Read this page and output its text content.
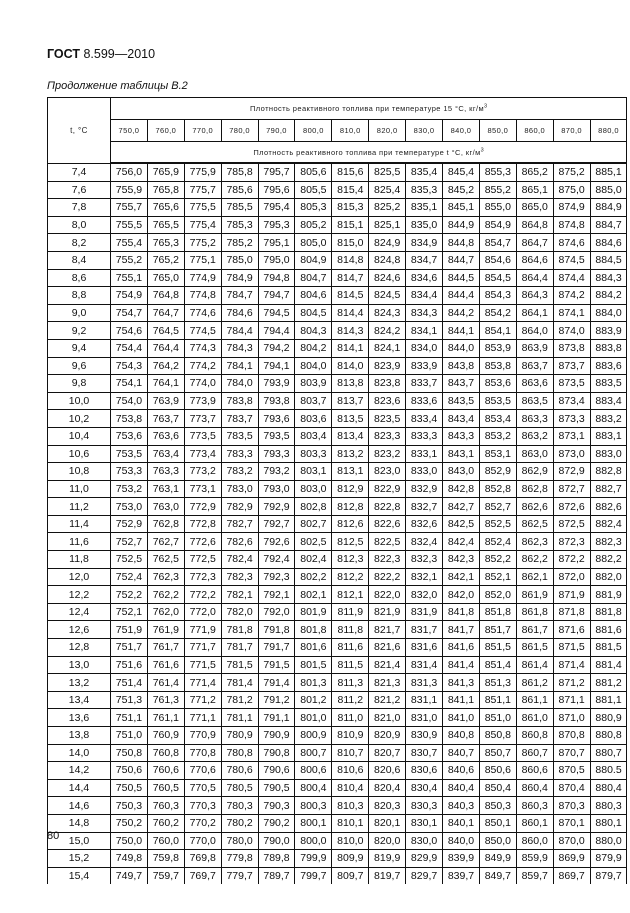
ГОСТ 8.599—2010
Продолжение таблицы В.2
t, °C	Плотность реактивного топлива при температуре 15 °С, $кг/м^3$
	750,0	760,0	770,0	780,0	790,0	800,0	810,0	820,0	830,0	840,0	850,0	860,0	870,0	880,0
	Плотность реактивного топлива при температуре t °С, $кг/м^3$
7,4	756,0	765,9	775,9	785,8	795,7	805,6	815,6	825,5	835,4	845,4	855,3	865,2	875,2	885,1
7,6	755,9	765,8	775,7	785,6	795,6	805,5	815,4	825,4	835,3	845,2	855,2	865,1	875,0	885,0
7,8	755,7	765,6	775,5	785,5	795,4	805,3	815,3	825,2	835,1	845,1	855,0	865,0	874,9	884,9
8,0	755,5	765,5	775,4	785,3	795,3	805,2	815,1	825,1	835,0	844,9	854,9	864,8	874,8	884,7
8,2	755,4	765,3	775,2	785,2	795,1	805,0	815,0	824,9	834,9	844,8	854,7	864,7	874,6	884,6
8,4	755,2	765,2	775,1	785,0	795,0	804,9	814,8	824,8	834,7	844,7	854,6	864,6	874,5	884,5
8,6	755,1	765,0	774,9	784,9	794,8	804,7	814,7	824,6	834,6	844,5	854,5	864,4	874,4	884,3
8,8	754,9	764,8	774,8	784,7	794,7	804,6	814,5	824,5	834,4	844,4	854,3	864,3	874,2	884,2
9,0	754,7	764,7	774,6	784,6	794,5	804,5	814,4	824,3	834,3	844,2	854,2	864,1	874,1	884,0
9,2	754,6	764,5	774,5	784,4	794,4	804,3	814,3	824,2	834,1	844,1	854,1	864,0	874,0	883,9
9,4	754,4	764,4	774,3	784,3	794,2	804,2	814,1	824,1	834,0	844,0	853,9	863,9	873,8	883,8
9,6	754,3	764,2	774,2	784,1	794,1	804,0	814,0	823,9	833,9	843,8	853,8	863,7	873,7	883,6
9,8	754,1	764,1	774,0	784,0	793,9	803,9	813,8	823,8	833,7	843,7	853,6	863,6	873,5	883,5
10,0	754,0	763,9	773,9	783,8	793,8	803,7	813,7	823,6	833,6	843,5	853,5	863,5	873,4	883,4
10,2	753,8	763,7	773,7	783,7	793,6	803,6	813,5	823,5	833,4	843,4	853,4	863,3	873,3	883,2
10,4	753,6	763,6	773,5	783,5	793,5	803,4	813,4	823,3	833,3	843,3	853,2	863,2	873,1	883,1
10,6	753,5	763,4	773,4	783,3	793,3	803,3	813,2	823,2	833,1	843,1	853,1	863,0	873,0	883,0
10,8	753,3	763,3	773,2	783,2	793,2	803,1	813,1	823,0	833,0	843,0	852,9	862,9	872,9	882,8
11,0	753,2	763,1	773,1	783,0	793,0	803,0	812,9	822,9	832,9	842,8	852,8	862,8	872,7	882,7
11,2	753,0	763,0	772,9	782,9	792,9	802,8	812,8	822,8	832,7	842,7	852,7	862,6	872,6	882,6
11,4	752,9	762,8	772,8	782,7	792,7	802,7	812,6	822,6	832,6	842,5	852,5	862,5	872,5	882,4
11,6	752,7	762,7	772,6	782,6	792,6	802,5	812,5	822,5	832,4	842,4	852,4	862,3	872,3	882,3
11,8	752,5	762,5	772,5	782,4	792,4	802,4	812,3	822,3	832,3	842,3	852,2	862,2	872,2	882,2
12,0	752,4	762,3	772,3	782,3	792,3	802,2	812,2	822,2	832,1	842,1	852,1	862,1	872,0	882,0
12,2	752,2	762,2	772,2	782,1	792,1	802,1	812,1	822,0	832,0	842,0	852,0	861,9	871,9	881,9
12,4	752,1	762,0	772,0	782,0	792,0	801,9	811,9	821,9	831,9	841,8	851,8	861,8	871,8	881,8
12,6	751,9	761,9	771,9	781,8	791,8	801,8	811,8	821,7	831,7	841,7	851,7	861,7	871,6	881,6
12,8	751,7	761,7	771,7	781,7	791,7	801,6	811,6	821,6	831,6	841,6	851,5	861,5	871,5	881,5
13,0	751,6	761,6	771,5	781,5	791,5	801,5	811,5	821,4	831,4	841,4	851,4	861,4	871,4	881,4
13,2	751,4	761,4	771,4	781,4	791,4	801,3	811,3	821,3	831,3	841,3	851,3	861,2	871,2	881,2
13,4	751,3	761,3	771,2	781,2	791,2	801,2	811,2	821,2	831,1	841,1	851,1	861,1	871,1	881,1
13,6	751,1	761,1	771,1	781,1	791,1	801,0	811,0	821,0	831,0	841,0	851,0	861,0	871,0	880,9
13,8	751,0	760,9	770,9	780,9	790,9	800,9	810,9	820,9	830,9	840,8	850,8	860,8	870,8	880,8
14,0	750,8	760,8	770,8	780,8	790,8	800,7	810,7	820,7	830,7	840,7	850,7	860,7	870,7	880,7
14,2	750,6	760,6	770,6	780,6	790,6	800,6	810,6	820,6	830,6	840,6	850,6	860,6	870,5	880.5
14,4	750,5	760,5	770,5	780,5	790,5	800,4	810,4	820,4	830,4	840,4	850,4	860,4	870,4	880,4
14,6	750,3	760,3	770,3	780,3	790,3	800,3	810,3	820,3	830,3	840,3	850,3	860,3	870,3	880,3
14,8	750,2	760,2	770,2	780,2	790,2	800,1	810,1	820,1	830,1	840,1	850,1	860,1	870,1	880,1
15,0	750,0	760,0	770,0	780,0	790,0	800,0	810,0	820,0	830,0	840,0	850,0	860,0	870,0	880,0
15,2	749,8	759,8	769,8	779,8	789,8	799,9	809,9	819,9	829,9	839,9	849,9	859,9	869,9	879,9
15,4	749,7	759,7	769,7	779,7	789,7	799,7	809,7	819,7	829,7	839,7	849,7	859,7	869,7	879,7
80
